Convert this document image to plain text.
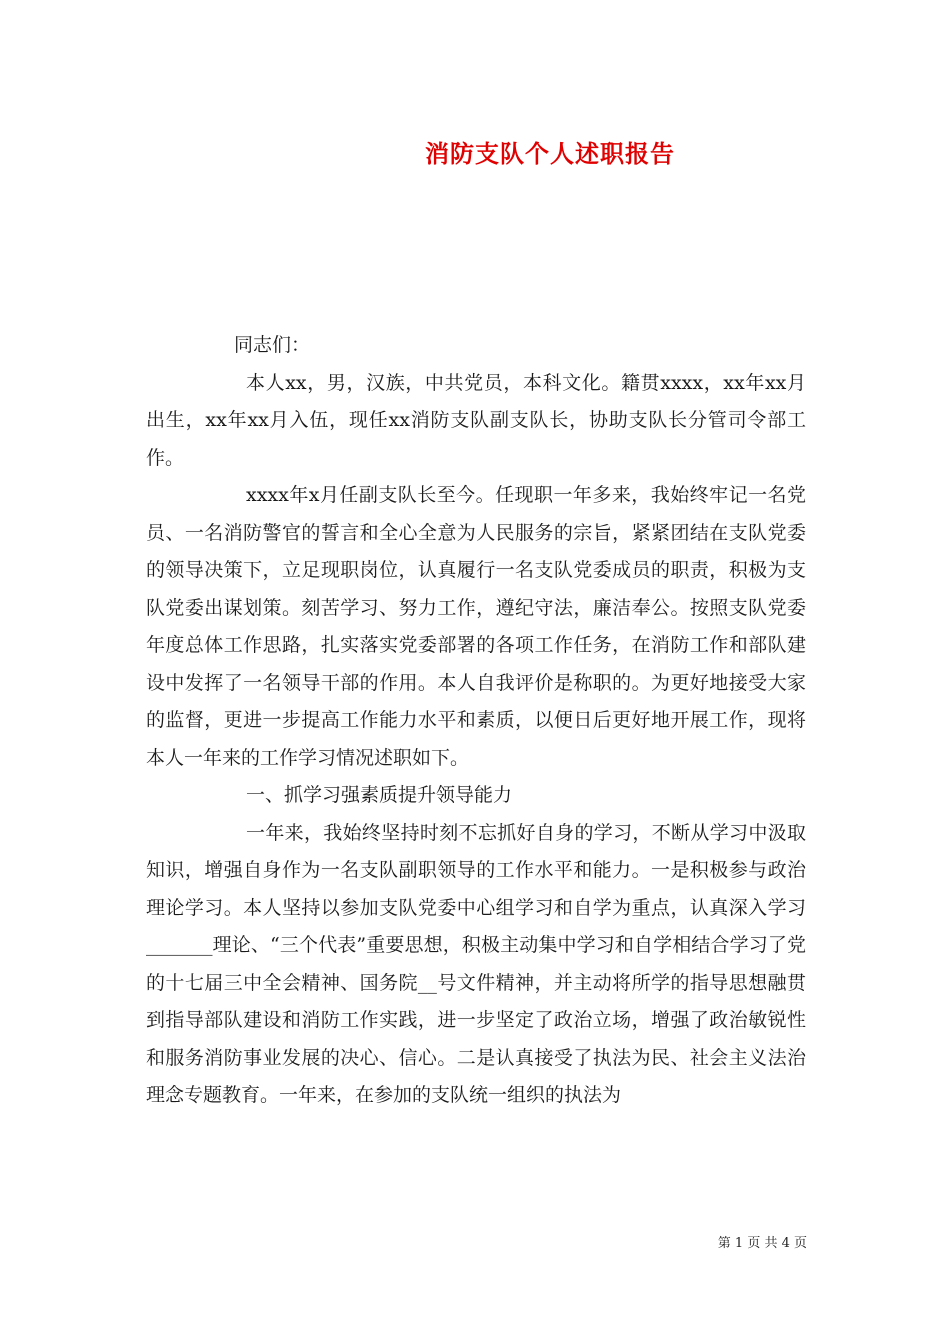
消防支队个人述职报告

同志们：

本人xx，男，汉族，中共党员，本科文化。籍贯xxxx，xx年xx月出生，xx年xx月入伍，现任xx消防支队副支队长，协助支队长分管司令部工作。

xxxx年x月任副支队长至今。任现职一年多来，我始终牢记一名党员、一名消防警官的誓言和全心全意为人民服务的宗旨，紧紧团结在支队党委的领导决策下，立足现职岗位，认真履行一名支队党委成员的职责，积极为支队党委出谋划策。刻苦学习、努力工作，遵纪守法，廉洁奉公。按照支队党委年度总体工作思路，扎实落实党委部署的各项工作任务，在消防工作和部队建设中发挥了一名领导干部的作用。本人自我评价是称职的。为更好地接受大家的监督，更进一步提高工作能力水平和素质，以便日后更好地开展工作，现将本人一年来的工作学习情况述职如下。

一、抓学习强素质提升领导能力

一年来，我始终坚持时刻不忘抓好自身的学习，不断从学习中汲取知识，增强自身作为一名支队副职领导的工作水平和能力。一是积极参与政治理论学习。本人坚持以参加支队党委中心组学习和自学为重点，认真深入学习_______理论、“三个代表”重要思想，积极主动集中学习和自学相结合学习了党的十七届三中全会精神、国务院__号文件精神，并主动将所学的指导思想融贯到指导部队建设和消防工作实践，进一步坚定了政治立场，增强了政治敏锐性和服务消防事业发展的决心、信心。二是认真接受了执法为民、社会主义法治理念专题教育。一年来，在参加的支队统一组织的执法为

第 1 页 共 4 页
